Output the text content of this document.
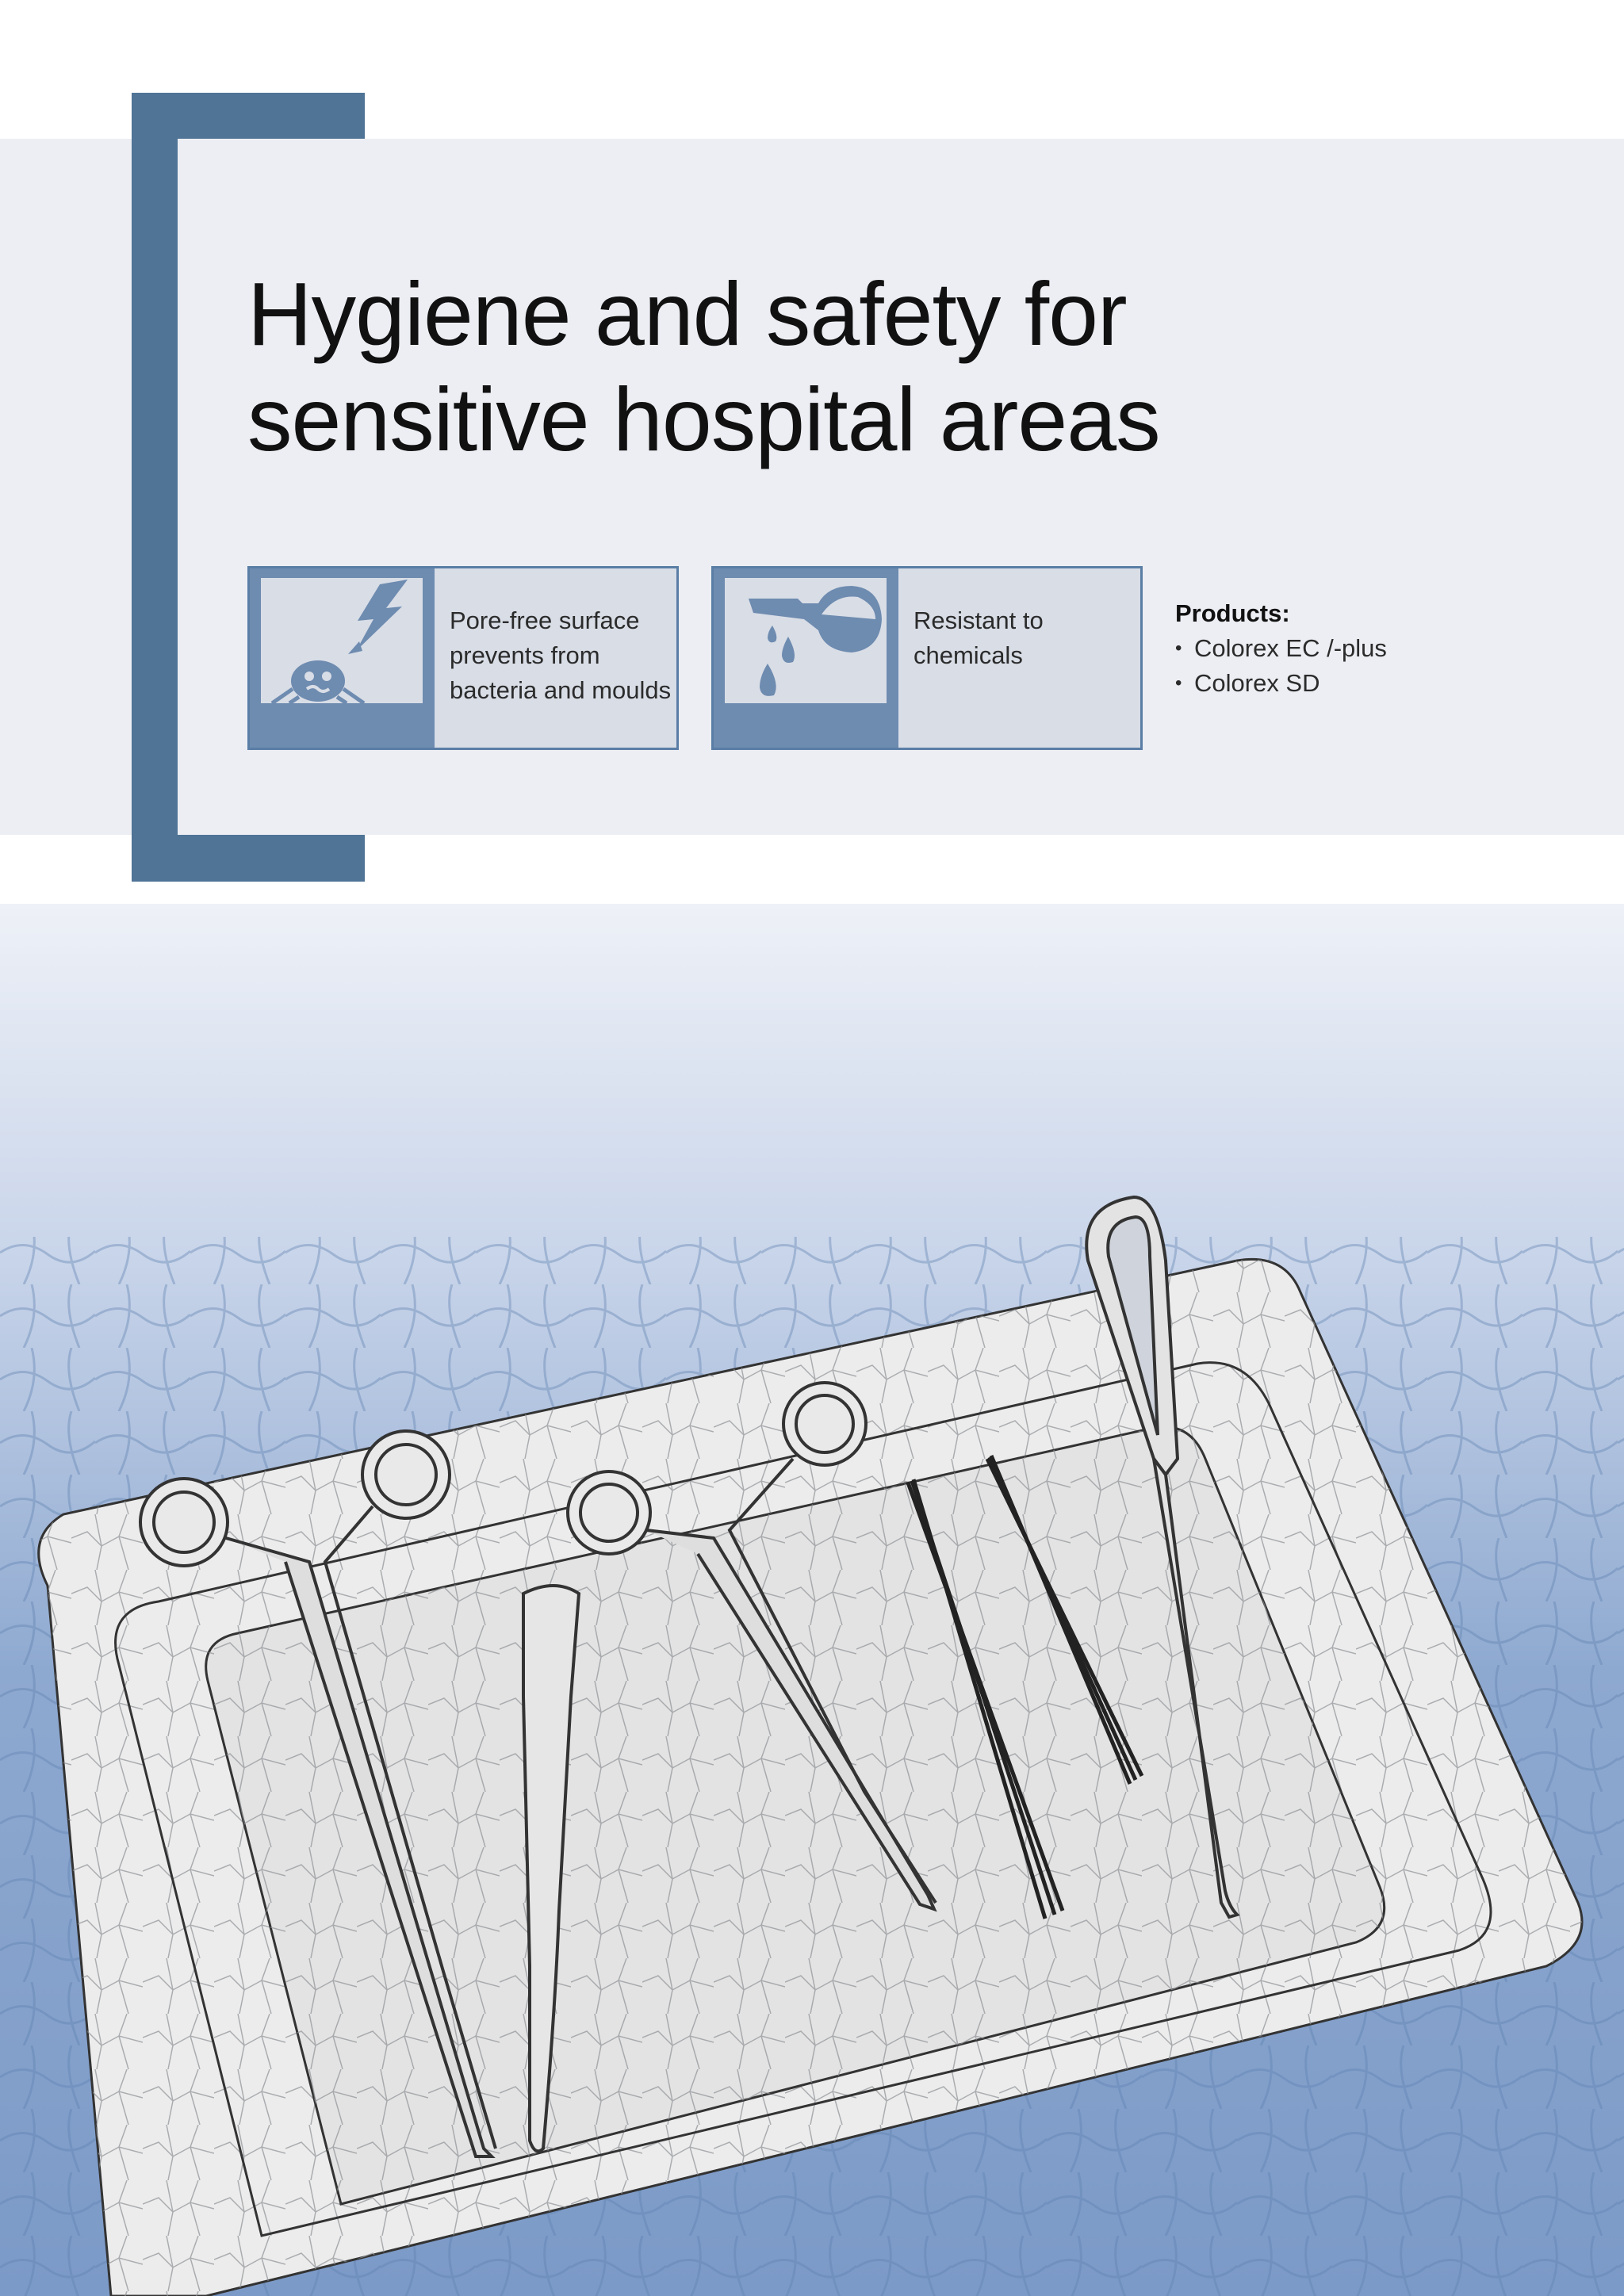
Hygiene and safety for
sensitive hospital areas
Pore-free surface
prevents from
bacteria and moulds
Resistant to
chemicals
Products:
• Colorex EC /-plus
• Colorex SD
